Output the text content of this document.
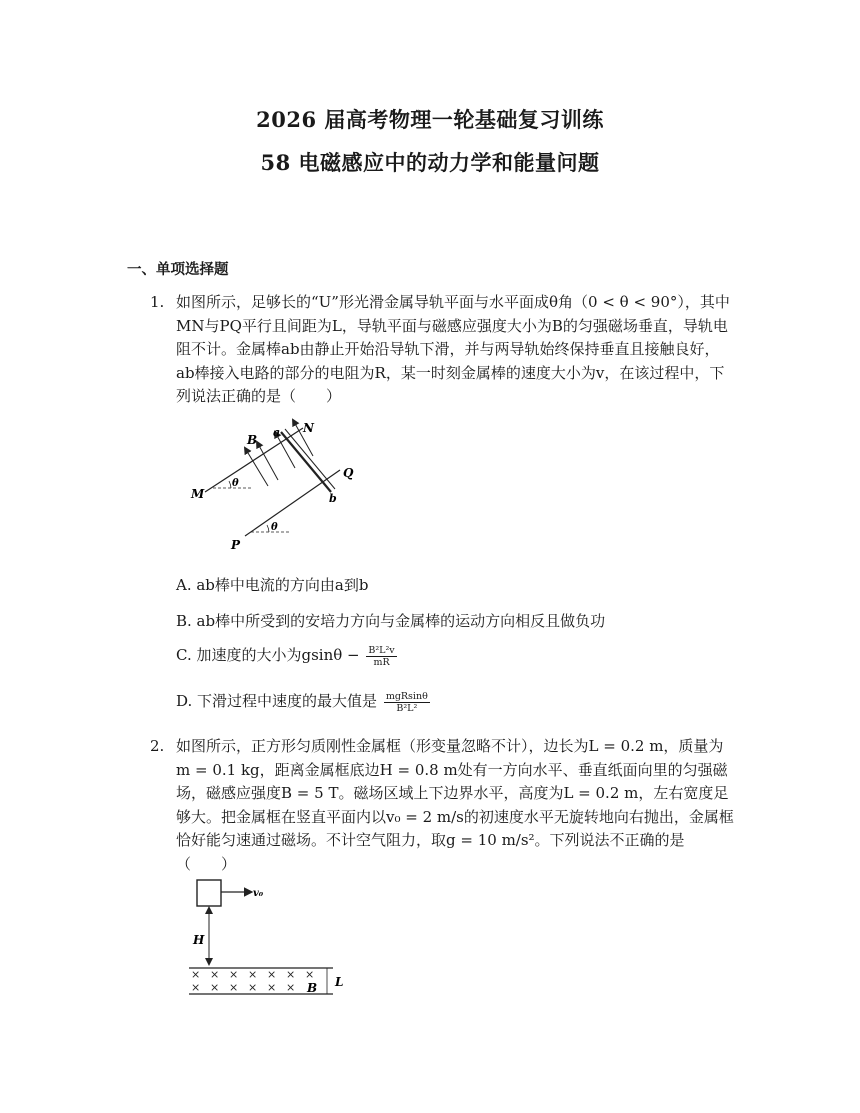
2026 届高考物理一轮基础复习训练
58 电磁感应中的动力学和能量问题
一、单项选择题
1. 如图所示，足够长的“U”形光滑金属导轨平面与水平面成θ角（0 < θ < 90°），其中MN与PQ平行且间距为L，导轨平面与磁感应强度大小为B的匀强磁场垂直，导轨电阻不计。金属棒ab由静止开始沿导轨下滑，并与两导轨始终保持垂直且接触良好，ab棒接入电路的部分的电阻为R，某一时刻金属棒的速度大小为v，在该过程中，下列说法正确的是（　　）
B
a N
Q
b
M
P
θ
θ
A. ab棒中电流的方向由a到b
B. ab棒中所受到的安培力方向与金属棒的运动方向相反且做负功
C. 加速度的大小为$gsin\theta - \frac{\text{B²L²v}}{mR}$
D. 下滑过程中速度的最大值是 $\frac{\text{mgRsinθ}}{\text{B²L²}}$
2. 如图所示，正方形匀质刚性金属框（形变量忽略不计），边长为L = 0.2 m，质量为m = 0.1 kg，距离金属框底边H = 0.8 m处有一方向水平、垂直纸面向里的匀强磁场，磁感应强度B = 5 T。磁场区域上下边界水平，高度为L = 0.2 m，左右宽度足够大。把金属框在竖直平面内以v₀ = 2 m/s的初速度水平无旋转地向右抛出，金属框恰好能匀速通过磁场。不计空气阻力，取g = 10 m/s²。下列说法不正确的是（　　）
v₀
H
× × × × × × ×
× × × × × × B L
